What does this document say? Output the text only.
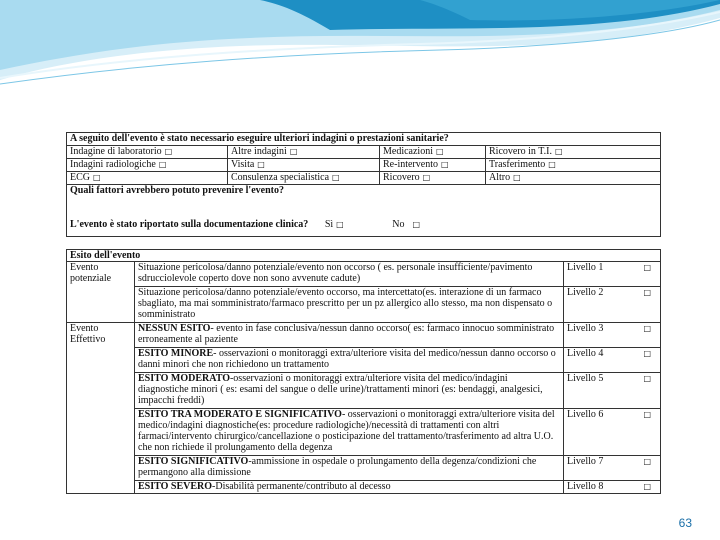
A seguito dell'evento è stato necessario eseguire ulteriori indagini o prestazioni sanitarie?			
Indagine di laboratorio □	Altre indagini □	Medicazioni □	Ricovero in T.I. □
Indagini radiologiche □	Visita □	Re-intervento □	Trasferimento □
ECG □	Consulenza specialistica □	Ricovero □	Altro □

Quali fattori avrebbero potuto prevenire l'evento?
L'evento è stato riportato sulla documentazione clinica? Sì □ No □			
Esito dell'evento		
Evento potenziale	Situazione pericolosa/danno potenziale/evento non occorso ( es. personale insufficiente/pavimento sdrucciolevole coperto dove non sono avvenute cadute)	Livello 1 □

	Situazione pericolosa/danno potenziale/evento occorso, ma intercettato(es. interazione di un farmaco sbagliato, ma mai somministrato/farmaco prescritto per un pz allergico allo stesso, ma non dispensato o somministrato	Livello 2 □

Evento Effettivo	NESSUN ESITO- evento in fase conclusiva/nessun danno occorso( es: farmaco innocuo somministrato erroneamente al paziente	Livello 3 □

	ESITO MINORE- osservazioni o monitoraggi extra/ulteriore visita del medico/nessun danno occorso o danni minori che non richiedono un trattamento	Livello 4 □

	ESITO MODERATO-osservazioni o monitoraggi extra/ulteriore visita del medico/indagini diagnostiche minori ( es: esami del sangue o delle urine)/trattamenti minori (es: bendaggi, analgesici, impacchi freddi)	Livello 5 □

	ESITO TRA MODERATO E SIGNIFICATIVO- osservazioni o monitoraggi extra/ulteriore visita del medico/indagini diagnostiche(es: procedure radiologiche)/necessità di trattamenti con altri farmaci/intervento chirurgico/cancellazione o posticipazione del trattamento/trasferimento ad altra U.O. che non richiede il prolungamento della degenza	Livello 6 □

	ESITO SIGNIFICATIVO-ammissione in ospedale o prolungamento della degenza/condizioni che permangono alla dimissione	Livello 7 □

	ESITO SEVERO-Disabilità permanente/contributo al decesso	Livello 8 □
63
